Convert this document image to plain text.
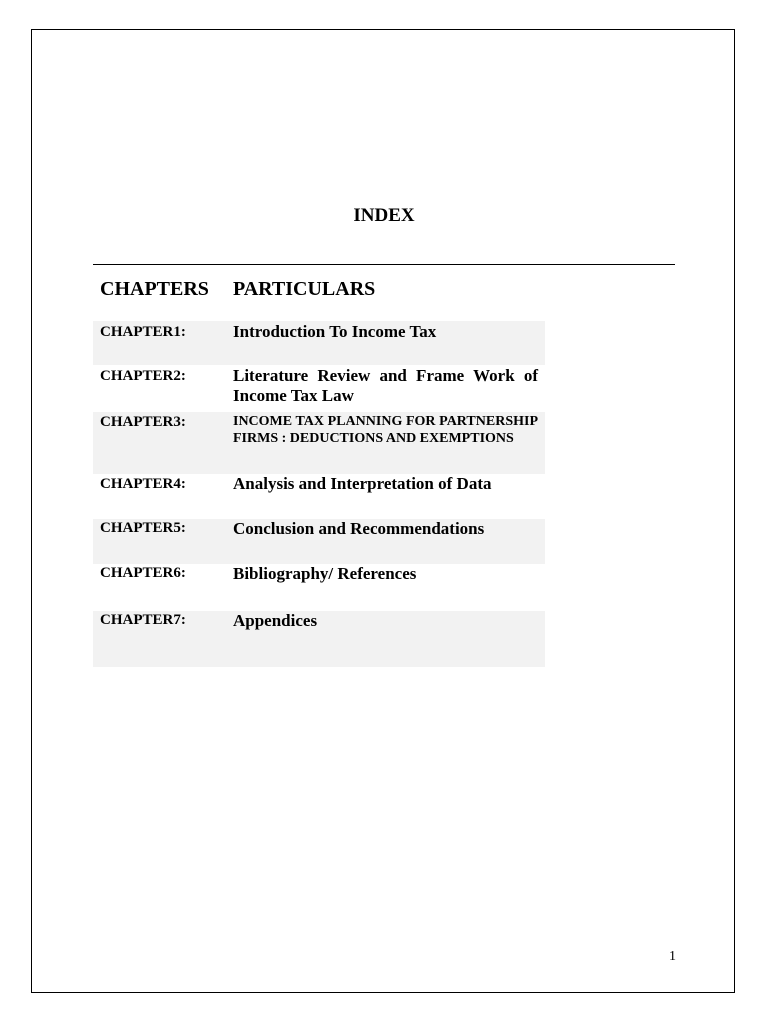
INDEX
CHAPTERS PARTICULARS
CHAPTER1:	Introduction To Income Tax
CHAPTER2:	Literature Review and Frame Work of Income Tax Law
CHAPTER3:	INCOME TAX PLANNING FOR PARTNERSHIP FIRMS : DEDUCTIONS AND EXEMPTIONS
CHAPTER4:	Analysis and Interpretation of Data
CHAPTER5:	Conclusion and Recommendations
CHAPTER6:	Bibliography/ References
CHAPTER7:	Appendices
1
